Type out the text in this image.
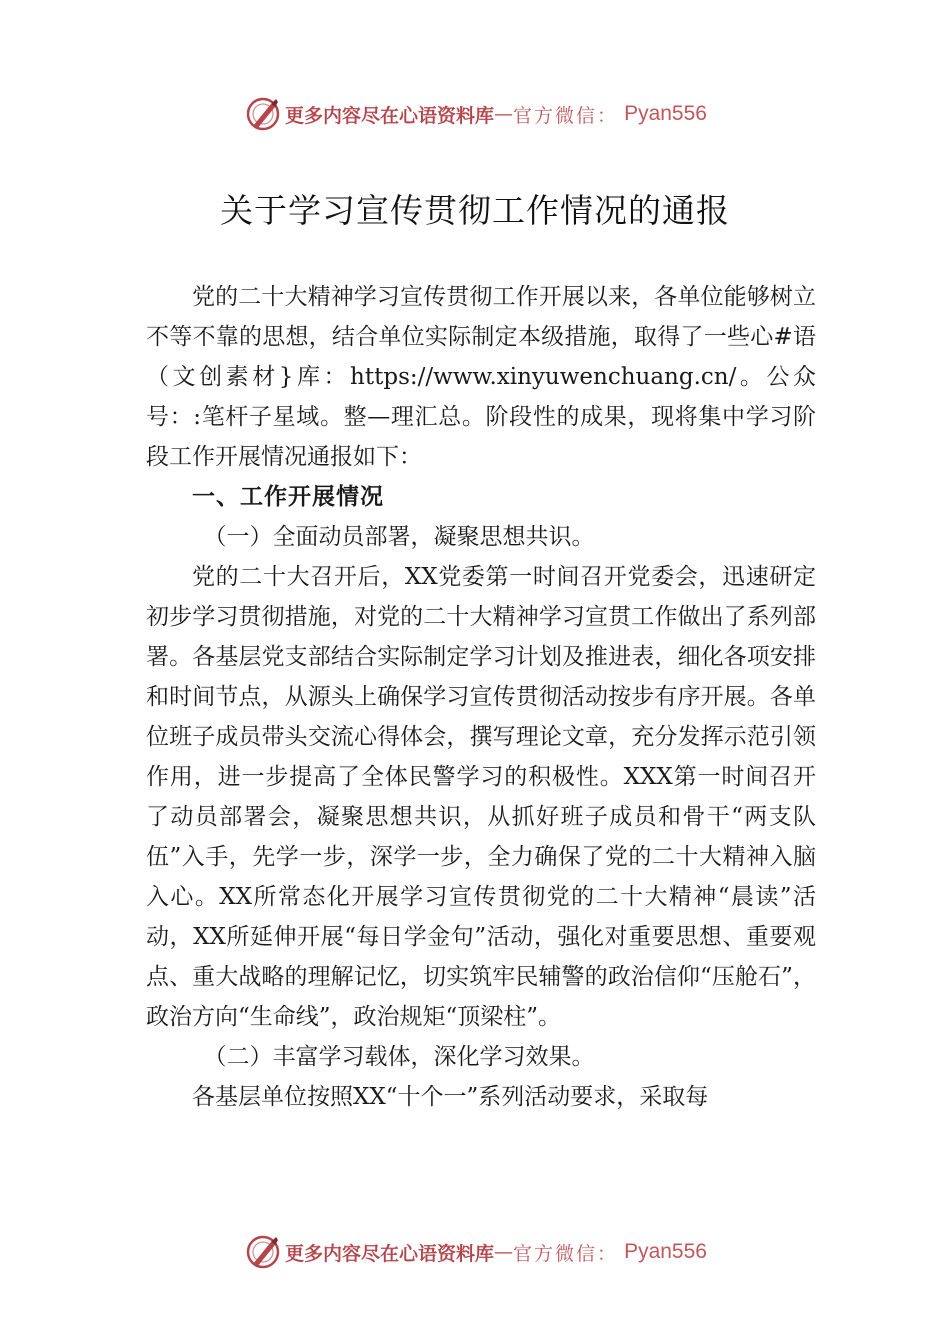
更多内容尽在心语资料库 — 官方微信： Pyan556
关于学习宣传贯彻工作情况的通报

党的二十大精神学习宣传贯彻工作开展以来，各单位能够树立不等不靠的思想，结合单位实际制定本级措施，取得了一些心#语（文创素材}库：https://www.xinyuwenchuang.cn/。公众号：:笔杆子星域。整—理汇总。阶段性的成果，现将集中学习阶段工作开展情况通报如下：

一、工作开展情况

（一）全面动员部署，凝聚思想共识。

党的二十大召开后，XX党委第一时间召开党委会，迅速研定初步学习贯彻措施，对党的二十大精神学习宣贯工作做出了系列部署。各基层党支部结合实际制定学习计划及推进表，细化各项安排和时间节点，从源头上确保学习宣传贯彻活动按步有序开展。各单位班子成员带头交流心得体会，撰写理论文章，充分发挥示范引领作用，进一步提高了全体民警学习的积极性。XXX第一时间召开了动员部署会，凝聚思想共识，从抓好班子成员和骨干“两支队伍”入手，先学一步，深学一步，全力确保了党的二十大精神入脑入心。XX所常态化开展学习宣传贯彻党的二十大精神“晨读”活动，XX所延伸开展“每日学金句”活动，强化对重要思想、重要观点、重大战略的理解记忆，切实筑牢民辅警的政治信仰“压舱石”，政治方向“生命线”，政治规矩“顶梁柱”。

（二）丰富学习载体，深化学习效果。

各基层单位按照XX“十个一”系列活动要求，采取每

更多内容尽在心语资料库 — 官方微信： Pyan556
